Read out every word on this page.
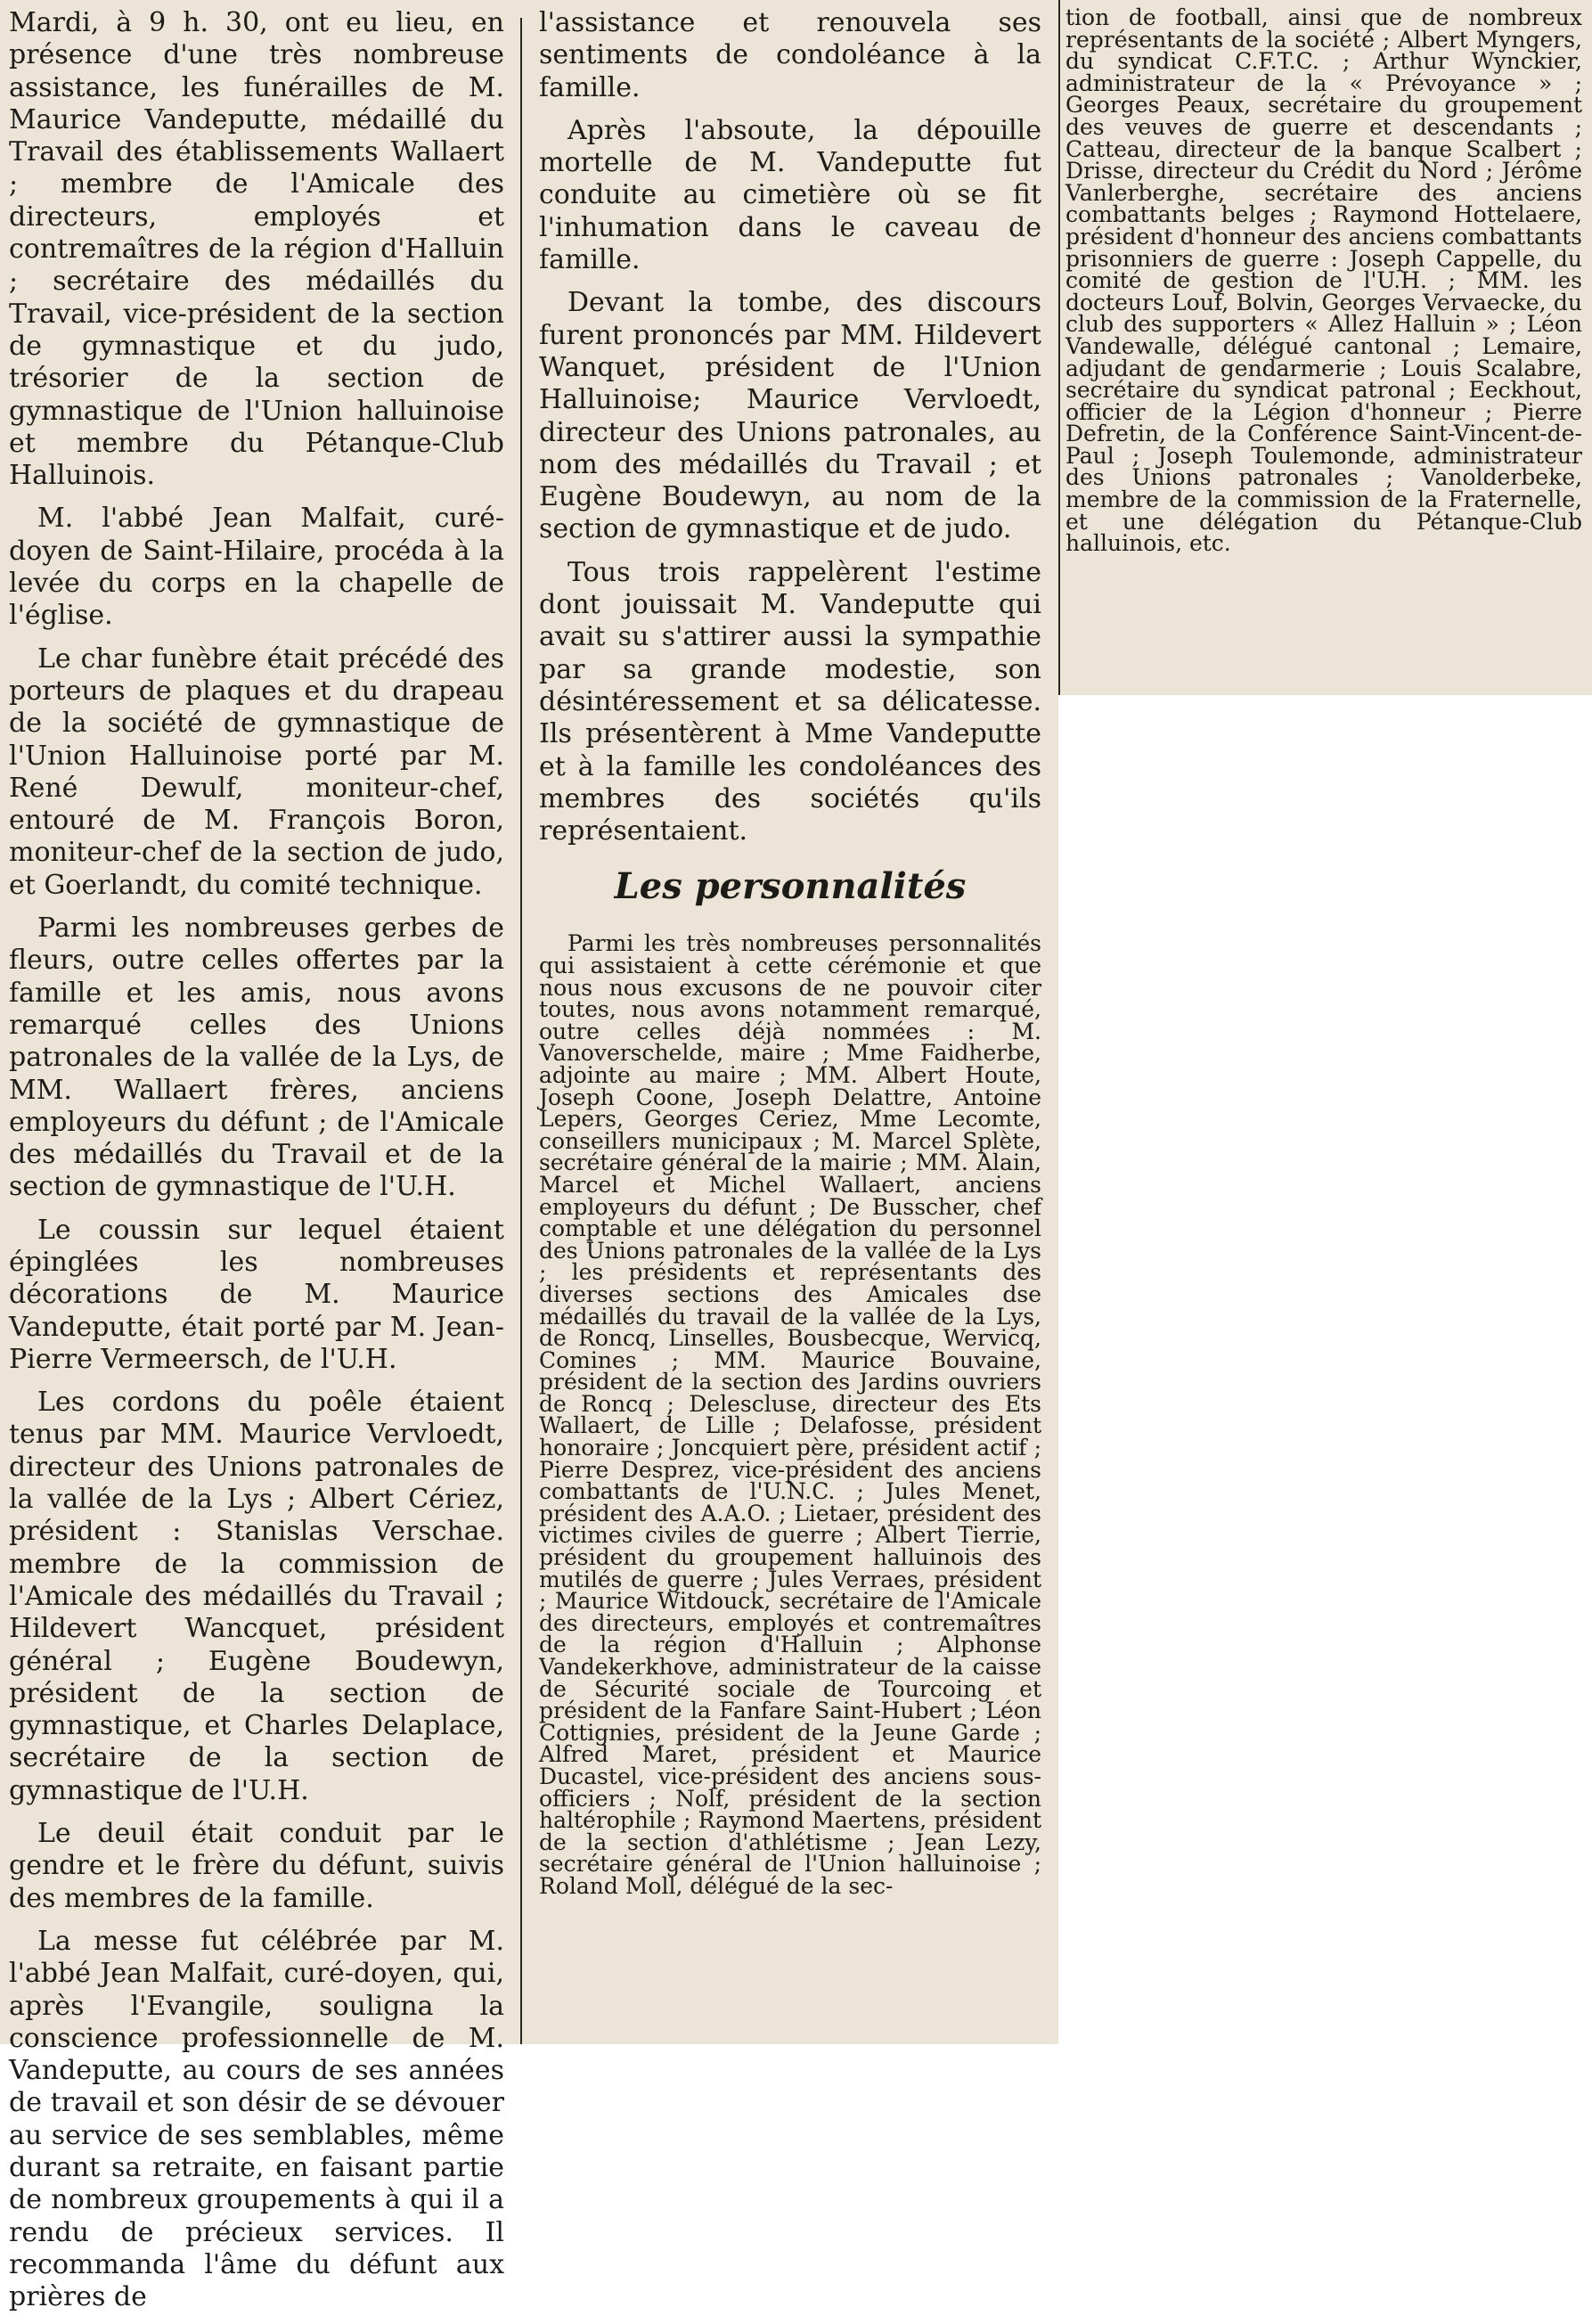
Mardi, à 9 h. 30, ont eu lieu, en présence d'une très nombreuse assistance, les funérailles de M. Maurice Vandeputte, médaillé du Travail des établissements Wallaert ; membre de l'Amicale des directeurs, employés et contremaîtres de la région d'Halluin ; secrétaire des médaillés du Travail, vice-président de la section de gymnastique et du judo, trésorier de la section de gymnastique de l'Union halluinoise et membre du Pétanque-Club Halluinois.

M. l'abbé Jean Malfait, curé-doyen de Saint-Hilaire, procéda à la levée du corps en la chapelle de l'église.

Le char funèbre était précédé des porteurs de plaques et du drapeau de la société de gymnastique de l'Union Halluinoise porté par M. René Dewulf, moniteur-chef, entouré de M. François Boron, moniteur-chef de la section de judo, et Goerlandt, du comité technique.

Parmi les nombreuses gerbes de fleurs, outre celles offertes par la famille et les amis, nous avons remarqué celles des Unions patronales de la vallée de la Lys, de MM. Wallaert frères, anciens employeurs du défunt ; de l'Amicale des médaillés du Travail et de la section de gymnastique de l'U.H.

Le coussin sur lequel étaient épinglées les nombreuses décorations de M. Maurice Vandeputte, était porté par M. Jean-Pierre Vermeersch, de l'U.H.

Les cordons du poêle étaient tenus par MM. Maurice Vervloedt, directeur des Unions patronales de la vallée de la Lys ; Albert Cériez, président : Stanislas Verschae. membre de la commission de l'Amicale des médaillés du Travail ; Hildevert Wancquet, président général ; Eugène Boudewyn, président de la section de gymnastique, et Charles Delaplace, secrétaire de la section de gymnastique de l'U.H.

Le deuil était conduit par le gendre et le frère du défunt, suivis des membres de la famille.

La messe fut célébrée par M. l'abbé Jean Malfait, curé-doyen, qui, après l'Evangile, souligna la conscience professionnelle de M. Vandeputte, au cours de ses années de travail et son désir de se dévouer au service de ses semblables, même durant sa retraite, en faisant partie de nombreux groupements à qui il a rendu de précieux services. Il recommanda l'âme du défunt aux prières de

l'assistance et renouvela ses sentiments de condoléance à la famille.

Après l'absoute, la dépouille mortelle de M. Vandeputte fut conduite au cimetière où se fit l'inhumation dans le caveau de famille.

Devant la tombe, des discours furent prononcés par MM. Hildevert Wanquet, président de l'Union Halluinoise; Maurice Vervloedt, directeur des Unions patronales, au nom des médaillés du Travail ; et Eugène Boudewyn, au nom de la section de gymnastique et de judo.

Tous trois rappelèrent l'estime dont jouissait M. Vandeputte qui avait su s'attirer aussi la sympathie par sa grande modestie, son désintéressement et sa délicatesse. Ils présentèrent à Mme Vandeputte et à la famille les condoléances des membres des sociétés qu'ils représentaient.

Les personnalités

Parmi les très nombreuses personnalités qui assistaient à cette cérémonie et que nous nous excusons de ne pouvoir citer toutes, nous avons notamment remarqué, outre celles déjà nommées : M. Vanoverschelde, maire ; Mme Faidherbe, adjointe au maire ; MM. Albert Houte, Joseph Coone, Joseph Delattre, Antoine Lepers, Georges Ceriez, Mme Lecomte, conseillers municipaux ; M. Marcel Splète, secrétaire général de la mairie ; MM. Alain, Marcel et Michel Wallaert, anciens employeurs du défunt ; De Busscher, chef comptable et une délégation du personnel des Unions patronales de la vallée de la Lys ; les présidents et représentants des diverses sections des Amicales dse médaillés du travail de la vallée de la Lys, de Roncq, Linselles, Bousbecque, Wervicq, Comines ; MM. Maurice Bouvaine, président de la section des Jardins ouvriers de Roncq ; Delescluse, directeur des Ets Wallaert, de Lille ; Delafosse, président honoraire ; Joncquiert père, président actif ; Pierre Desprez, vice-président des anciens combattants de l'U.N.C. ; Jules Menet, président des A.A.O. ; Lietaer, président des victimes civiles de guerre ; Albert Tierrie, président du groupement halluinois des mutilés de guerre ; Jules Verraes, président ; Maurice Witdouck, secrétaire de l'Amicale des directeurs, employés et contremaîtres de la région d'Halluin ; Alphonse Vandekerkhove, administrateur de la caisse de Sécurité sociale de Tourcoing et président de la Fanfare Saint-Hubert ; Léon Cottignies, président de la Jeune Garde ; Alfred Maret, président et Maurice Ducastel, vice-président des anciens sous-officiers ; Nolf, président de la section haltérophile ; Raymond Maertens, président de la section d'athlétisme ; Jean Lezy, secrétaire général de l'Union halluinoise ; Roland Moll, délégué de la sec-

tion de football, ainsi que de nombreux représentants de la société ; Albert Myngers, du syndicat C.F.T.C. ; Arthur Wynckier, administrateur de la « Prévoyance » ; Georges Peaux, secrétaire du groupement des veuves de guerre et descendants ; Catteau, directeur de la banque Scalbert ; Drisse, directeur du Crédit du Nord ; Jérôme Vanlerberghe, secrétaire des anciens combattants belges ; Raymond Hottelaere, président d'honneur des anciens combattants prisonniers de guerre : Joseph Cappelle, du comité de gestion de l'U.H. ; MM. les docteurs Louf, Bolvin, Georges Vervaecke, du club des supporters « Allez Halluin » ; Léon Vandewalle, délégué cantonal ; Lemaire, adjudant de gendarmerie ; Louis Scalabre, secrétaire du syndicat patronal ; Eeckhout, officier de la Légion d'honneur ; Pierre Defretin, de la Conférence Saint-Vincent-de-Paul ; Joseph Toulemonde, administrateur des Unions patronales ; Vanolderbeke, membre de la commission de la Fraternelle, et une délégation du Pétanque-Club halluinois, etc.
